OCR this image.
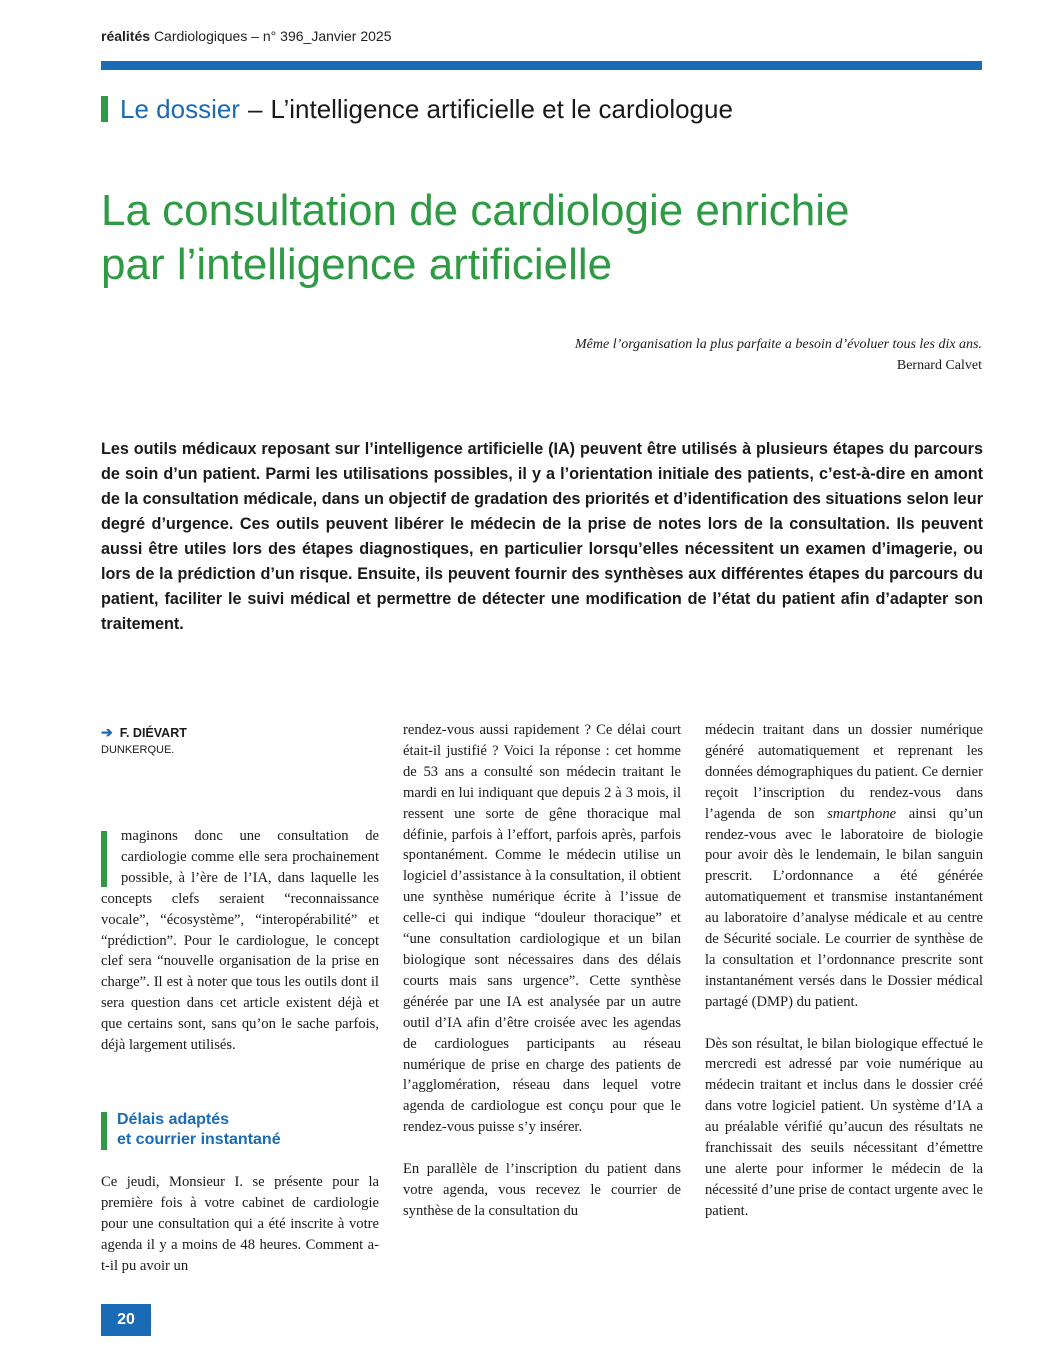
réalités Cardiologiques – n° 396_Janvier 2025
Le dossier – L’intelligence artificielle et le cardiologue
La consultation de cardiologie enrichie
par l’intelligence artificielle
Même l’organisation la plus parfaite a besoin d’évoluer tous les dix ans.
Bernard Calvet

Les outils médicaux reposant sur l’intelligence artificielle (IA) peuvent être utilisés à plusieurs étapes du parcours de soin d’un patient. Parmi les utilisations possibles, il y a l’orientation initiale des patients, c’est-à-dire en amont de la consultation médicale, dans un objectif de gradation des priorités et d’identification des situations selon leur degré d’urgence. Ces outils peuvent libérer le médecin de la prise de notes lors de la consultation. Ils peuvent aussi être utiles lors des étapes diagnostiques, en particulier lorsqu’elles nécessitent un examen d’imagerie, ou lors de la prédiction d’un risque. Ensuite, ils peuvent fournir des synthèses aux différentes étapes du parcours du patient, faciliter le suivi médical et permettre de détecter une modification de l’état du patient afin d’adapter son traitement.

➔ F. DIÉVART
DUNKERQUE.

maginons donc une consultation de cardiologie comme elle sera prochainement possible, à l’ère de l’IA, dans laquelle les concepts clefs seraient “reconnaissance vocale”, “écosystème”, “interopérabilité” et “prédiction”. Pour le cardiologue, le concept clef sera “nouvelle organisation de la prise en charge”. Il est à noter que tous les outils dont il sera question dans cet article existent déjà et que certains sont, sans qu’on le sache parfois, déjà largement utilisés.

Délais adaptés
et courrier instantané

Ce jeudi, Monsieur I. se présente pour la première fois à votre cabinet de cardiologie pour une consultation qui a été inscrite à votre agenda il y a moins de 48 heures. Comment a-t-il pu avoir un

rendez-vous aussi rapidement ? Ce délai court était-il justifié ? Voici la réponse : cet homme de 53 ans a consulté son médecin traitant le mardi en lui indiquant que depuis 2 à 3 mois, il ressent une sorte de gêne thoracique mal définie, parfois à l’effort, parfois après, parfois spontanément. Comme le médecin utilise un logiciel d’assistance à la consultation, il obtient une synthèse numérique écrite à l’issue de celle-ci qui indique “douleur thoracique” et “une consultation cardiologique et un bilan biologique sont nécessaires dans des délais courts mais sans urgence”. Cette synthèse générée par une IA est analysée par un autre outil d’IA afin d’être croisée avec les agendas de cardiologues participants au réseau numérique de prise en charge des patients de l’agglomération, réseau dans lequel votre agenda de cardiologue est conçu pour que le rendez-vous puisse s’y insérer.

En parallèle de l’inscription du patient dans votre agenda, vous recevez le courrier de synthèse de la consultation du

médecin traitant dans un dossier numérique généré automatiquement et reprenant les données démographiques du patient. Ce dernier reçoit l’inscription du rendez-vous dans l’agenda de son smartphone ainsi qu’un rendez-vous avec le laboratoire de biologie pour avoir dès le lendemain, le bilan sanguin prescrit. L’ordonnance a été générée automatiquement et transmise instantanément au laboratoire d’analyse médicale et au centre de Sécurité sociale. Le courrier de synthèse de la consultation et l’ordonnance prescrite sont instantanément versés dans le Dossier médical partagé (DMP) du patient.

Dès son résultat, le bilan biologique effectué le mercredi est adressé par voie numérique au médecin traitant et inclus dans le dossier créé dans votre logiciel patient. Un système d’IA a au préalable vérifié qu’aucun des résultats ne franchissait des seuils nécessitant d’émettre une alerte pour informer le médecin de la nécessité d’une prise de contact urgente avec le patient.

20
